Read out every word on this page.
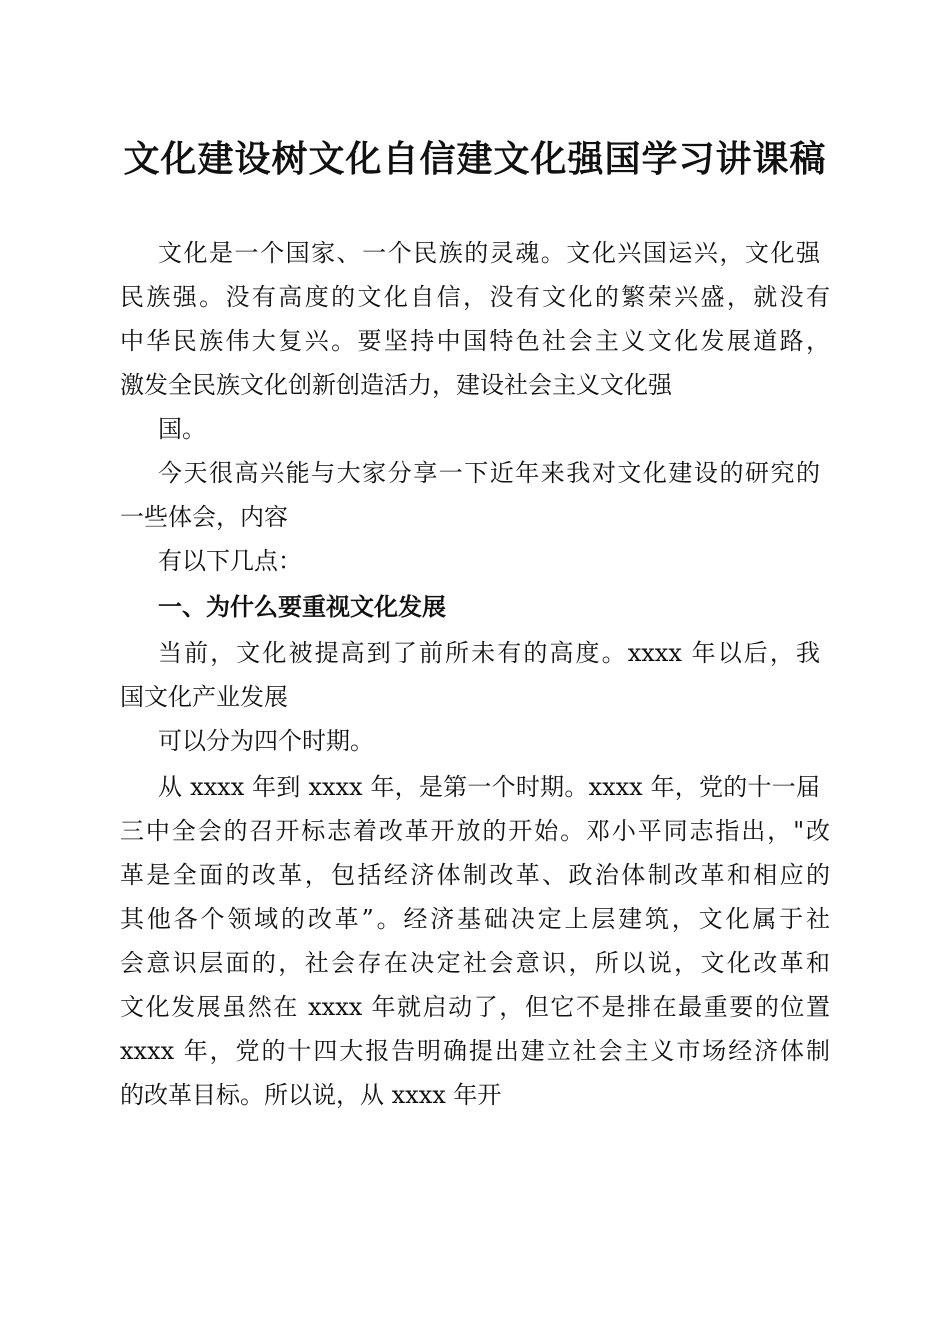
文化建设树文化自信建文化强国学习讲课稿
文化是一个国家、一个民族的灵魂。文化兴国运兴，文化强
民族强。没有高度的文化自信，没有文化的繁荣兴盛，就没有
中华民族伟大复兴。要坚持中国特色社会主义文化发展道路，
激发全民族文化创新创造活力，建设社会主义文化强
国。
今天很高兴能与大家分享一下近年来我对文化建设的研究的
一些体会，内容
有以下几点：
一、为什么要重视文化发展
当前，文化被提高到了前所未有的高度。xxxx 年以后，我
国文化产业发展
可以分为四个时期。
从 xxxx 年到 xxxx 年，是第一个时期。xxxx 年，党的十一届
三中全会的召开标志着改革开放的开始。邓小平同志指出，"改
革是全面的改革，包括经济体制改革、政治体制改革和相应的
其他各个领域的改革”。经济基础决定上层建筑，文化属于社
会意识层面的，社会存在决定社会意识，所以说，文化改革和
文化发展虽然在 xxxx 年就启动了，但它不是排在最重要的位置
xxxx 年，党的十四大报告明确提出建立社会主义市场经济体制
的改革目标。所以说，从 xxxx 年开
